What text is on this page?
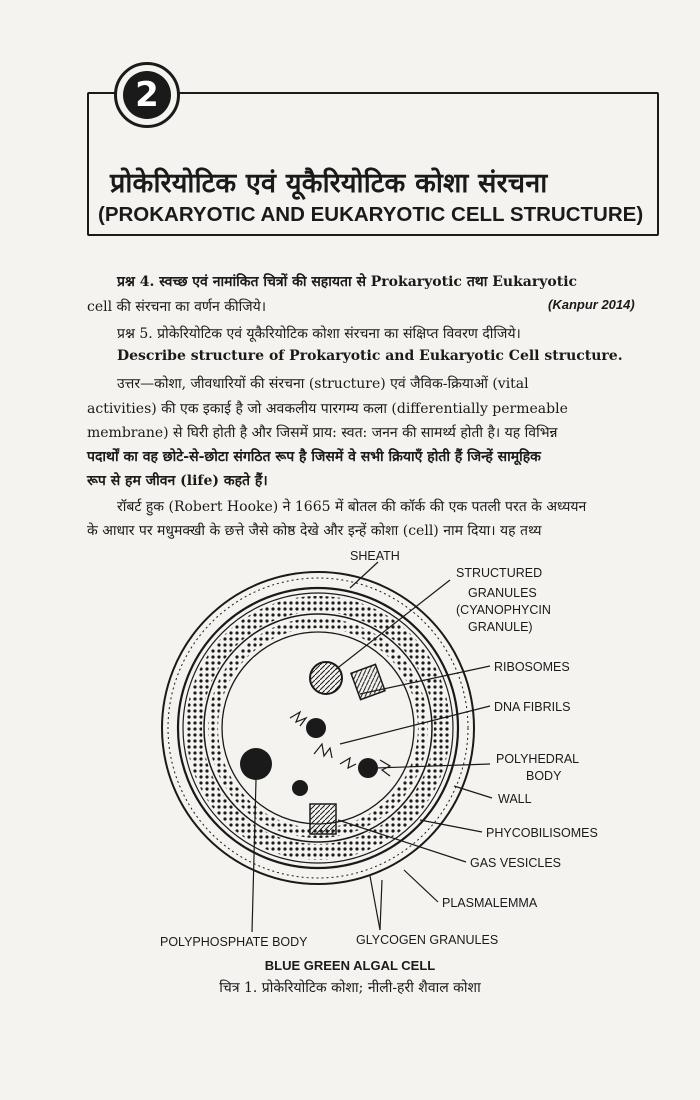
2
प्रोकेरियोटिक एवं यूकैरियोटिक कोशा संरचना
(PROKARYOTIC AND EUKARYOTIC CELL STRUCTURE)
प्रश्न 4. स्वच्छ एवं नामांकित चित्रों की सहायता से Prokaryotic तथा Eukaryotic
cell की संरचना का वर्णन कीजिये।	(Kanpur 2014)
प्रश्न 5. प्रोकेरियोटिक एवं यूकैरियोटिक कोशा संरचना का संक्षिप्त विवरण दीजिये।
Describe structure of Prokaryotic and Eukaryotic Cell structure.
उत्तर—कोशा, जीवधारियों की संरचना (structure) एवं जैविक-क्रियाओं (vital
activities) की एक इकाई है जो अवकलीय पारगम्य कला (differentially permeable
membrane) से घिरी होती है और जिसमें प्राय: स्वत: जनन की सामर्थ्य होती है। यह विभिन्न
पदार्थों का वह छोटे-से-छोटा संगठित रूप है जिसमें वे सभी क्रियाएँ होती हैं जिन्हें सामूहिक
रूप से हम जीवन (life) कहते हैं।
रॉबर्ट हुक (Robert Hooke) ने 1665 में बोतल की कॉर्क की एक पतली परत के अध्ययन
के आधार पर मधुमक्खी के छत्ते जैसे कोष्ठ देखे और इन्हें कोशा (cell) नाम दिया। यह तथ्य
SHEATH
STRUCTURED
GRANULES
(CYANOPHYCIN
GRANULE)
RIBOSOMES
DNA FIBRILS
POLYHEDRAL
BODY
WALL
PHYCOBILISOMES
GAS VESICLES
PLASMALEMMA
POLYPHOSPHATE BODY	GLYCOGEN GRANULES
BLUE GREEN ALGAL CELL
चित्र 1. प्रोकेरियोटिक कोशा; नीली-हरी शैवाल कोशा
